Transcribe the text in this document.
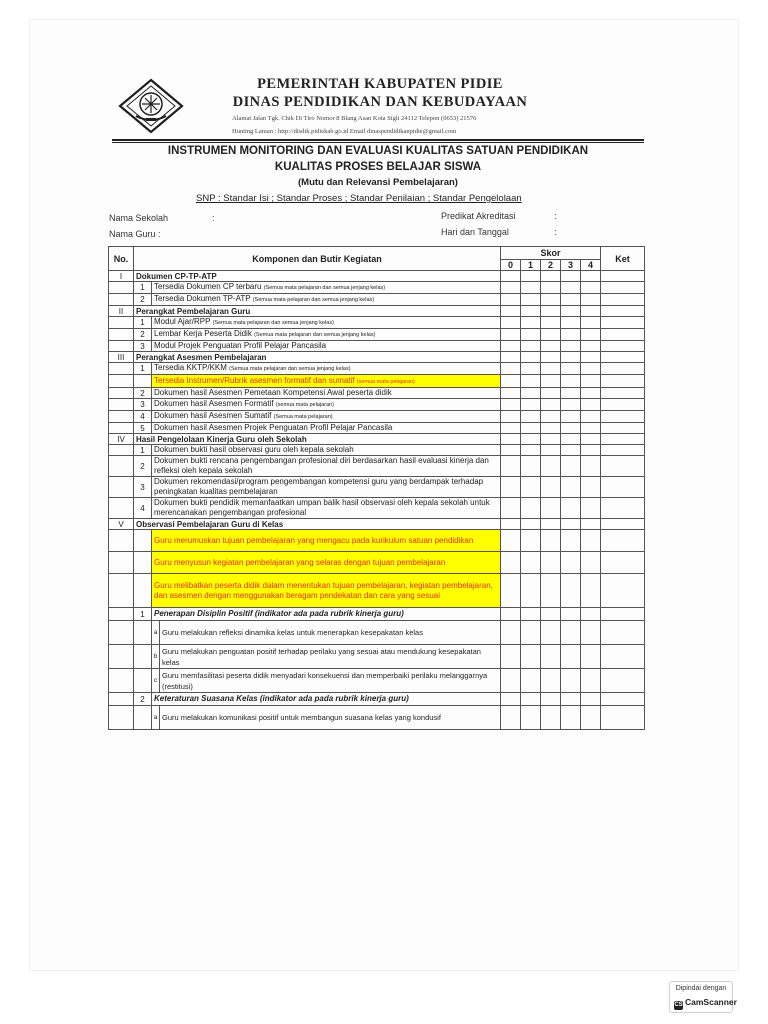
PEMERINTAH KABUPATEN PIDIE
DINAS PENDIDIKAN DAN KEBUDAYAAN
Alamat Jalan Tgk. Chik Di Tiro Nomor 8 Blang Asan Kota Sigli 24112 Telepon (0653) 21576
Hunting Laman : http://disdik.pidiekab.go.id Email dinaspendidikanpidie@gmail.com
INSTRUMEN MONITORING DAN EVALUASI KUALITAS SATUAN PENDIDIKAN
KUALITAS PROSES BELAJAR SISWA
(Mutu dan Relevansi Pembelajaran)
SNP : Standar Isi ; Standar Proses ; Standar Penilaian ; Standar Pengelolaan
Nama Sekolah	:
Nama Guru :
Predikat Akreditasi	:
Hari dan Tanggal	:
No.	Komponen dan Butir Kegiatan			Skor					Ket
				0	1	2	3	4	
I	Dokumen CP-TP-ATP								
	1	Tersedia Dokumen CP terbaru (Semua mata pelajaran dan semua jenjang kelas)							
	2	Tersedia Dokumen TP-ATP (Semua mata pelajaran dan semua jenjang kelas)							
II	Perangkat Pembelajaran Guru								
	1	Modul Ajar/RPP (Semua mata pelajaran dan semua jenjang kelas)							
	2	Lembar Kerja Peserta Didik (Semua mata pelajaran dan semua jenjang kelas)							
	3	Modul Projek Penguatan Profil Pelajar Pancasila							
III	Perangkat Asesmen Pembelajaran								
	1	Tersedia KKTP/KKM (Semua mata pelajaran dan semua jenjang kelas)							
		Tersedia Instrumen/Rubrik asesmen formatif dan sumatif (semua mata pelajaran)							
	2	Dokumen hasil Asesmen Pemetaan Kompetensi Awal peserta didik							
	3	Dokumen hasil Asesmen Formatif (semua mata pelajaran)							
	4	Dokumen hasil Asesmen Sumatif (Semua mata pelajaran)							
	5	Dokumen hasil Asesmen Projek Penguatan Profil Pelajar Pancasila							
IV	Hasil Pengelolaan Kinerja Guru oleh Sekolah								
	1	Dokumen bukti hasil observasi guru oleh kepala sekolah							
	2	Dokumen bukti rencana pengembangan profesional diri berdasarkan hasil evaluasi kinerja dan refleksi oleh kepala sekolah							
	3	Dokumen rekomendasi/program pengembangan kompetensi guru yang berdampak terhadap peningkatan kualitas pembelajaran							
	4	Dokumen bukti pendidik memanfaatkan umpan balik hasil observasi oleh kepala sekolah untuk merencanakan pengembangan profesional							
V	Observasi Pembelajaran Guru di Kelas								
		Guru merumuskan tujuan pembelajaran yang mengacu pada kurikulum satuan pendidikan							
		Guru menyusun kegiatan pembelajaran yang selaras dengan tujuan pembelajaran							
		Guru melibatkan peserta didik dalam menentukan tujuan pembelajaran, kegiatan pembelajaran, dan asesmen dengan menggunakan beragam pendekatan dan cara yang sesuai							
	1	Penerapan Disiplin Positif (indikator ada pada rubrik kinerja guru)							
		a	Guru melakukan refleksi dinamika kelas untuk menerapkan kesepakatan kelas						
		b	Guru melakukan penguatan positif terhadap perilaku yang sesuai atau mendukung kesepakatan kelas						
		c	Guru memfasilitasi peserta didik menyadari konsekuensi dan memperbaiki perilaku melanggarnya (restitusi)						
	2	Keteraturan Suasana Kelas (indikator ada pada rubrik kinerja guru)							
		a	Guru melakukan komunikasi positif untuk membangun suasana kelas yang kondusif						
Dipindai dengan
CS CamScanner
